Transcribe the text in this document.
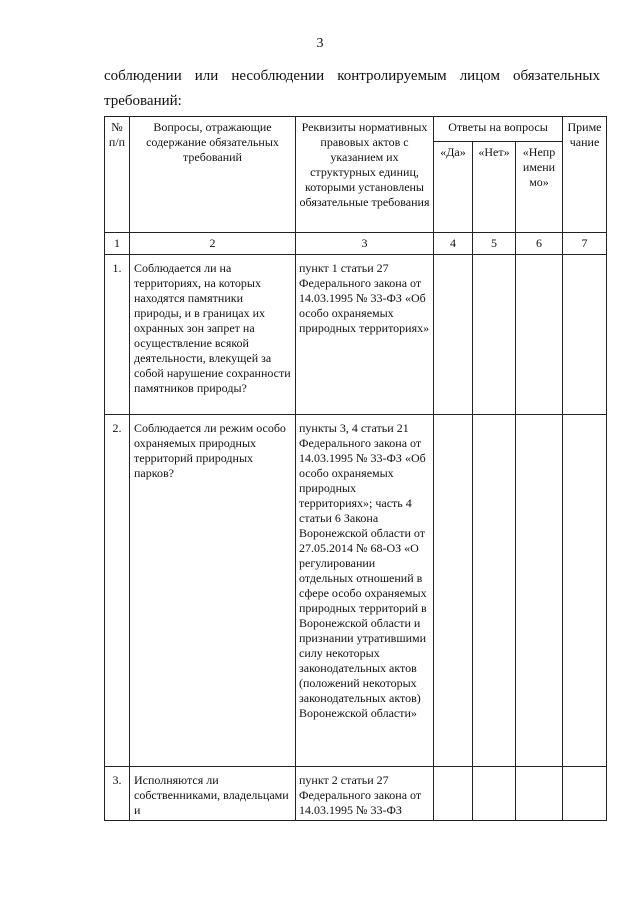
3
соблюдении или несоблюдении контролируемым лицом обязательных
требований:
№ п/п	Вопросы, отражающие содержание обязательных требований	Реквизиты нормативных правовых актов с указанием их структурных единиц, которыми установлены обязательные требования	Ответы на вопросы			Приме чание
			«Да»	«Нет»	«Непр имени мо»	
1	2	3	4	5	6	7
1.	Соблюдается ли на территориях, на которых находятся памятники природы, и в границах их охранных зон запрет на осуществление всякой деятельности, влекущей за собой нарушение сохранности памятников природы?	пункт 1 статьи 27 Федерального закона от 14.03.1995 № 33-ФЗ «Об особо охраняемых природных территориях»				
2.	Соблюдается ли режим особо охраняемых природных территорий природных парков?	пункты 3, 4 статьи 21 Федерального закона от 14.03.1995 № 33-ФЗ «Об особо охраняемых природных территориях»; часть 4 статьи 6 Закона Воронежской области от 27.05.2014 № 68-ОЗ «О регулировании отдельных отношений в сфере особо охраняемых природных территорий в Воронежской области и признании утратившими силу некоторых законодательных актов (положений некоторых законодательных актов) Воронежской области»				
3.	Исполняются ли собственниками, владельцами и	пункт 2 статьи 27 Федерального закона от 14.03.1995 № 33-ФЗ				
